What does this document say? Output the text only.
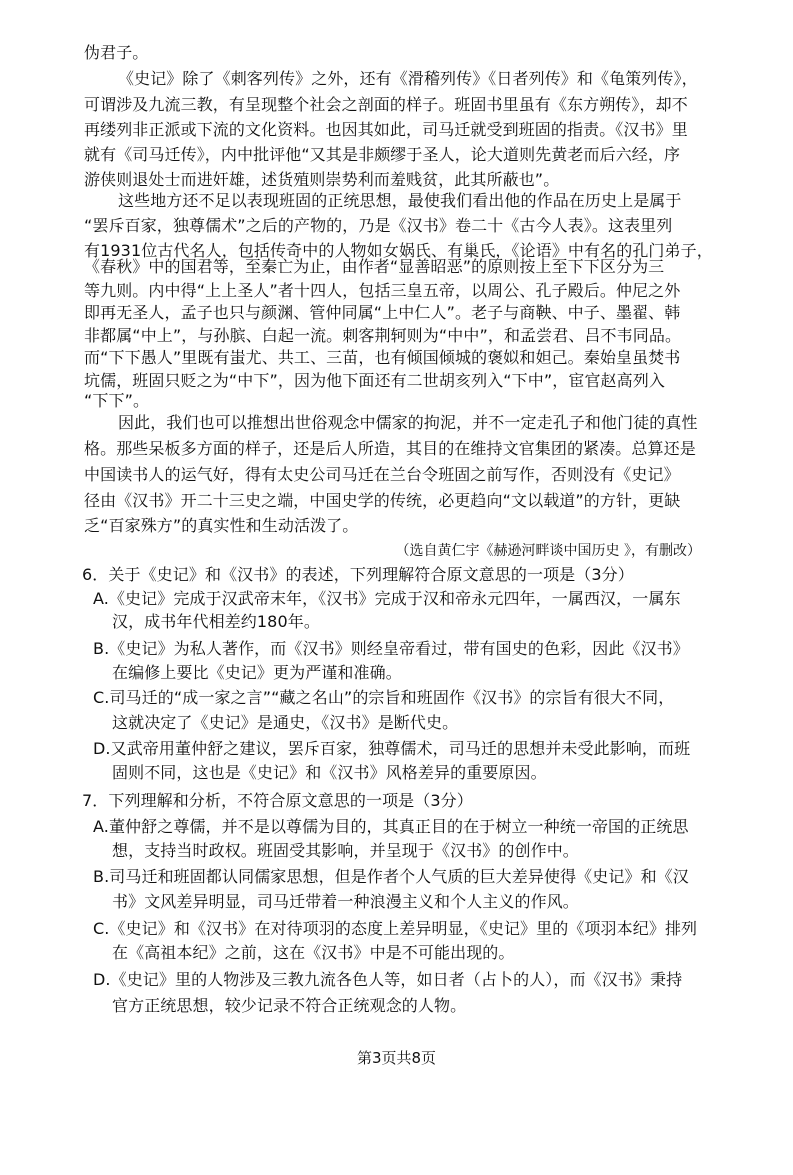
伪君子。
《史记》除了《刺客列传》之外，还有《滑稽列传》《日者列传》和《龟策列传》，
可谓涉及九流三教，有呈现整个社会之剖面的样子。班固书里虽有《东方朔传》，却不
再缕列非正派或下流的文化资料。也因其如此，司马迁就受到班固的指责。《汉书》里
就有《司马迁传》，内中批评他“又其是非颇缪于圣人，论大道则先黄老而后六经，序
游侠则退处士而进奸雄，述货殖则崇势利而羞贱贫，此其所蔽也”。
这些地方还不足以表现班固的正统思想，最使我们看出他的作品在历史上是属于
“罢斥百家，独尊儒术”之后的产物的，乃是《汉书》卷二十《古今人表》。这表里列
有1931位古代名人，包括传奇中的人物如女娲氏、有巢氏，《论语》中有名的孔门弟子，
《春秋》中的国君等，至秦亡为止，由作者“显善昭恶”的原则按上至下下区分为三
等九则。内中得“上上圣人”者十四人，包括三皇五帝，以周公、孔子殿后。仲尼之外
即再无圣人，孟子也只与颜渊、管仲同属“上中仁人”。老子与商鞅、中子、墨翟、韩
非都属“中上”，与孙膑、白起一流。刺客荆轲则为“中中”，和孟尝君、吕不韦同品。
而“下下愚人”里既有蚩尤、共工、三苗，也有倾国倾城的褒姒和妲己。秦始皇虽焚书
坑儒，班固只贬之为“中下”，因为他下面还有二世胡亥列入“下中”，宦官赵高列入
“下下”。
因此，我们也可以推想出世俗观念中儒家的拘泥，并不一定走孔子和他门徒的真性
格。那些呆板多方面的样子，还是后人所造，其目的在维持文官集团的紧凑。总算还是
中国读书人的运气好，得有太史公司马迁在兰台令班固之前写作，否则没有《史记》
径由《汉书》开二十三史之端，中国史学的传统，必更趋向“文以载道”的方针，更缺
乏“百家殊方”的真实性和生动活泼了。
（选自黄仁宇《赫逊河畔谈中国历史 》，有删改）
6．关于《史记》和《汉书》的表述，下列理解符合原文意思的一项是（3分）
A.《史记》完成于汉武帝末年，《汉书》完成于汉和帝永元四年，一属西汉，一属东
汉，成书年代相差约180年。
B.《史记》为私人著作，而《汉书》则经皇帝看过，带有国史的色彩，因此《汉书》
在编修上要比《史记》更为严谨和准确。
C.司马迁的“成一家之言”“藏之名山”的宗旨和班固作《汉书》的宗旨有很大不同，
这就决定了《史记》是通史，《汉书》是断代史。
D.又武帝用董仲舒之建议，罢斥百家，独尊儒术，司马迁的思想并未受此影响，而班
固则不同，这也是《史记》和《汉书》风格差异的重要原因。
7．下列理解和分析，不符合原文意思的一项是（3分）
A.董仲舒之尊儒，并不是以尊儒为目的，其真正目的在于树立一种统一帝国的正统思
想，支持当时政权。班固受其影响，并呈现于《汉书》的创作中。
B.司马迁和班固都认同儒家思想，但是作者个人气质的巨大差异使得《史记》和《汉
书》文风差异明显，司马迁带着一种浪漫主义和个人主义的作风。
C.《史记》和《汉书》在对待项羽的态度上差异明显，《史记》里的《项羽本纪》排列
在《高祖本纪》之前，这在《汉书》中是不可能出现的。
D.《史记》里的人物涉及三教九流各色人等，如日者（占卜的人），而《汉书》秉持
官方正统思想，较少记录不符合正统观念的人物。
第3页共8页
